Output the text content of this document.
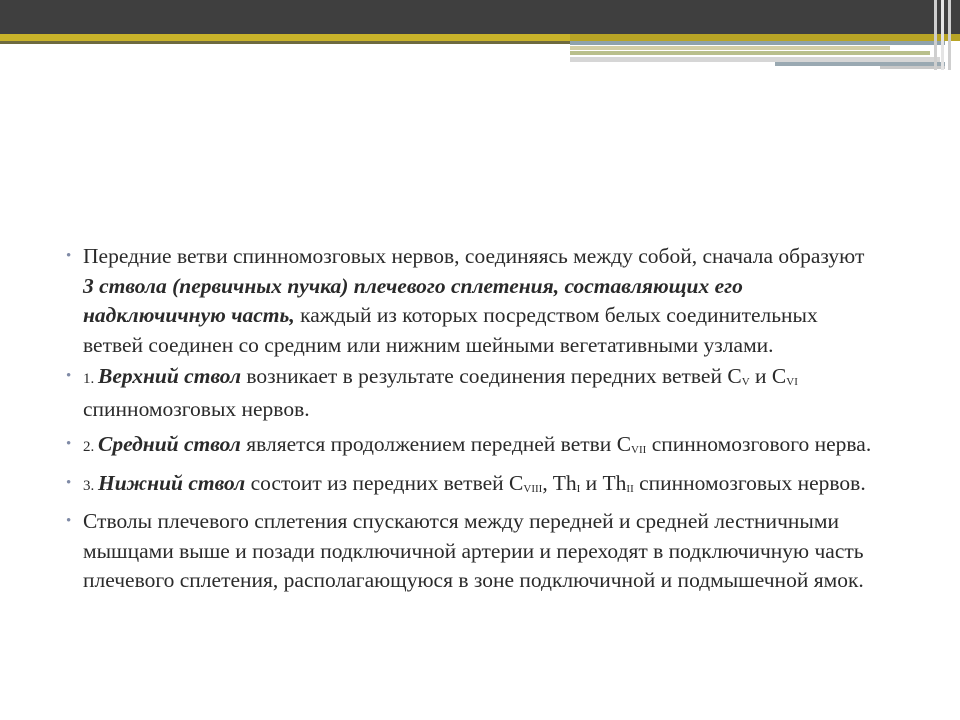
• Передние ветви спинномозговых нервов, соединяясь между собой, сначала образуют 3 ствола (первичных пучка) плечевого сплетения, составляющих его надключичную часть, каждый из которых посредством белых соединительных ветвей соединен со средним или нижним шейными вегетативными узлами.
• 1. Верхний ствол возникает в результате соединения передних ветвей $С_V$ и $С_{VI}$ спинномозговых нервов.
• 2. Средний ствол является продолжением передней ветви $С_{VII}$ спинномозгового нерва.
• 3. Нижний ствол состоит из передних ветвей $С_{VIII}$, $Th_I$ и $Th_{II}$ спинномозговых нервов.
• Стволы плечевого сплетения спускаются между передней и средней лестничными мышцами выше и позади подключичной артерии и переходят в подключичную часть плечевого сплетения, располагающуюся в зоне подключичной и подмышечной ямок.
